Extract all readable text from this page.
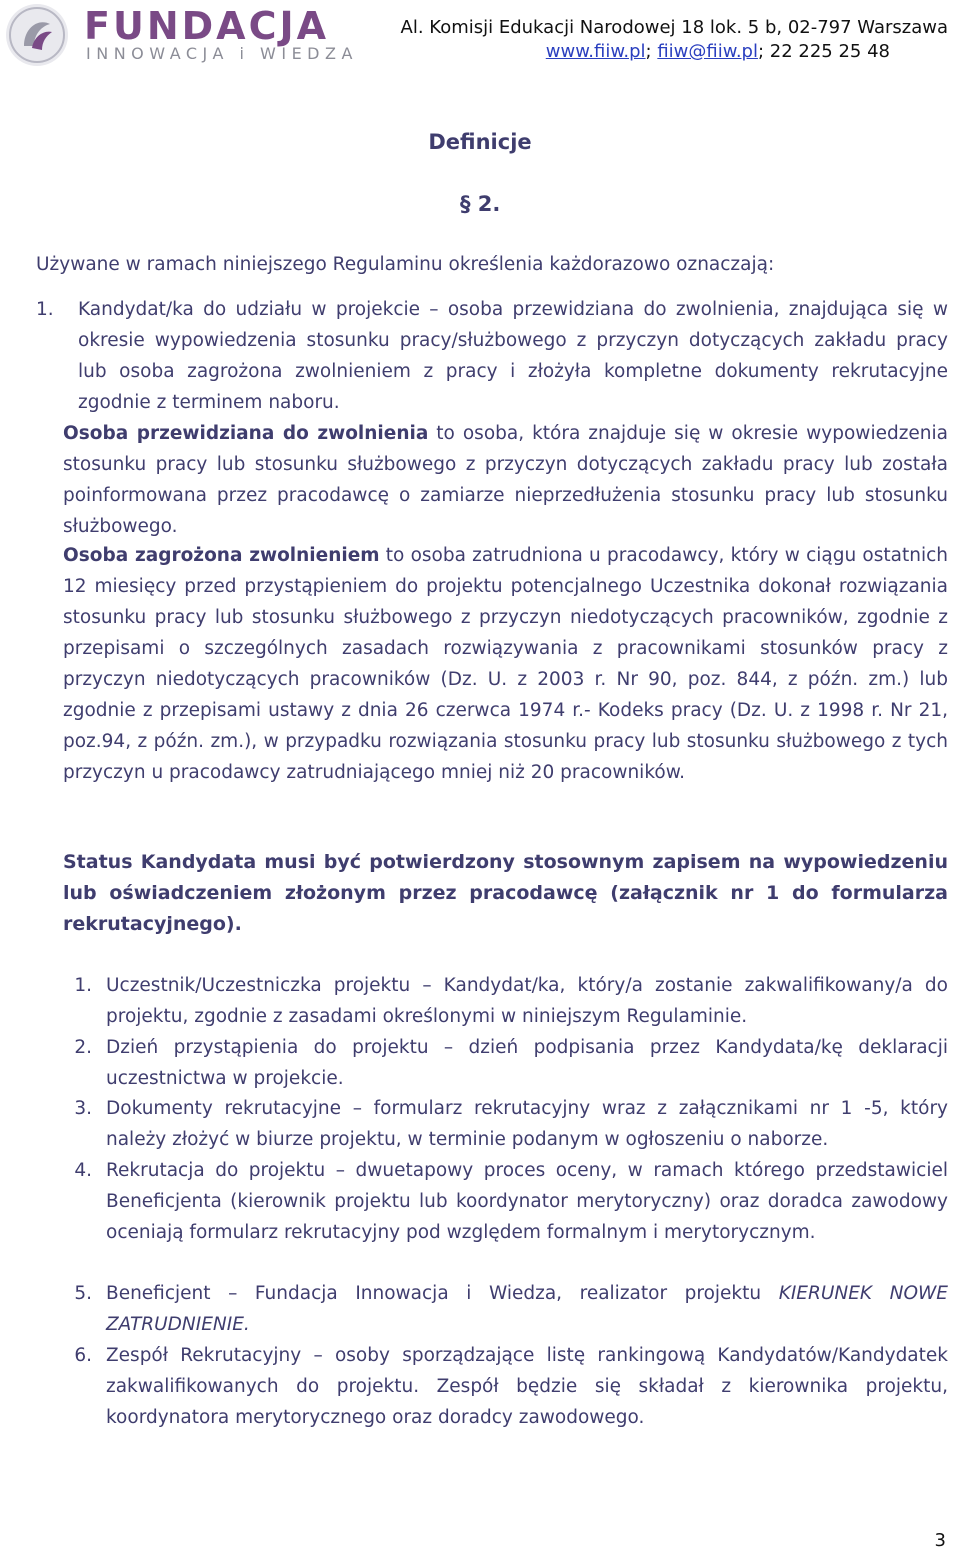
FUNDACJA
INNOWACJA i WIEDZA
Al. Komisji Edukacji Narodowej 18 lok. 5 b, 02-797 Warszawa
www.fiiw.pl; fiiw@fiiw.pl; 22 225 25 48
Definicje
§ 2.
Używane w ramach niniejszego Regulaminu określenia każdorazowo oznaczają:
1. Kandydat/ka do udziału w projekcie – osoba przewidziana do zwolnienia, znajdująca się w okresie wypowiedzenia stosunku pracy/służbowego z przyczyn dotyczących zakładu pracy lub osoba zagrożona zwolnieniem z pracy i złożyła kompletne dokumenty rekrutacyjne zgodnie z terminem naboru.
Osoba przewidziana do zwolnienia to osoba, która znajduje się w okresie wypowiedzenia stosunku pracy lub stosunku służbowego z przyczyn dotyczących zakładu pracy lub została poinformowana przez pracodawcę o zamiarze nieprzedłużenia stosunku pracy lub stosunku służbowego.
Osoba zagrożona zwolnieniem to osoba zatrudniona u pracodawcy, który w ciągu ostatnich 12 miesięcy przed przystąpieniem do projektu potencjalnego Uczestnika dokonał rozwiązania stosunku pracy lub stosunku służbowego z przyczyn niedotyczących pracowników, zgodnie z przepisami o szczególnych zasadach rozwiązywania z pracownikami stosunków pracy z przyczyn niedotyczących pracowników (Dz. U. z 2003 r. Nr 90, poz. 844, z późn. zm.) lub zgodnie z przepisami ustawy z dnia 26 czerwca 1974 r.- Kodeks pracy (Dz. U. z 1998 r. Nr 21, poz.94, z późn. zm.), w przypadku rozwiązania stosunku pracy lub stosunku służbowego z tych przyczyn u pracodawcy zatrudniającego mniej niż 20 pracowników.
Status Kandydata musi być potwierdzony stosownym zapisem na wypowiedzeniu lub oświadczeniem złożonym przez pracodawcę (załącznik nr 1 do formularza rekrutacyjnego).
1. Uczestnik/Uczestniczka projektu – Kandydat/ka, który/a zostanie zakwalifikowany/a do projektu, zgodnie z zasadami określonymi w niniejszym Regulaminie.
2. Dzień przystąpienia do projektu – dzień podpisania przez Kandydata/kę deklaracji uczestnictwa w projekcie.
3. Dokumenty rekrutacyjne – formularz rekrutacyjny wraz z załącznikami nr 1 -5, który należy złożyć w biurze projektu, w terminie podanym w ogłoszeniu o naborze.
4. Rekrutacja do projektu – dwuetapowy proces oceny, w ramach którego przedstawiciel Beneficjenta (kierownik projektu lub koordynator merytoryczny) oraz doradca zawodowy oceniają formularz rekrutacyjny pod względem formalnym i merytorycznym.
5. Beneficjent – Fundacja Innowacja i Wiedza, realizator projektu KIERUNEK NOWE ZATRUDNIENIE.
6. Zespół Rekrutacyjny – osoby sporządzające listę rankingową Kandydatów/Kandydatek zakwalifikowanych do projektu. Zespół będzie się składał z kierownika projektu, koordynatora merytorycznego oraz doradcy zawodowego.
3
